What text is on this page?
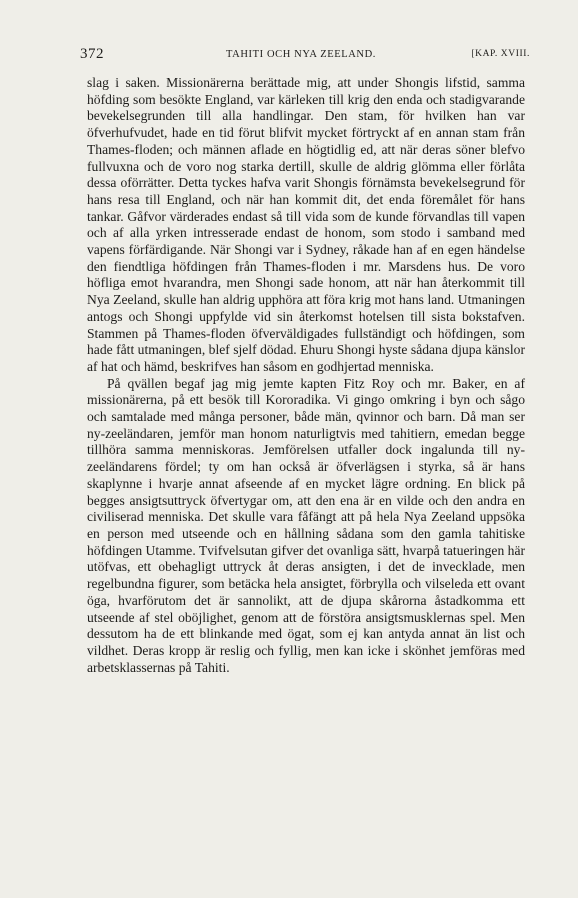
372	TAHITI OCH NYA ZEELAND.	[KAP. XVIII.

slag i saken. Missionärerna berättade mig, att under Shongis lifstid, samma höfding som besökte England, var kärleken till krig den enda och stadigvarande bevekelsegrunden till alla handlingar. Den stam, för hvilken han var öfverhufvudet, hade en tid förut blifvit mycket förtryckt af en annan stam från Thames-floden; och männen aflade en högtidlig ed, att när deras söner blefvo fullvuxna och de voro nog starka dertill, skulle de aldrig glömma eller förlåta dessa oförrätter. Detta tyckes hafva varit Shongis förnämsta bevekelsegrund för hans resa till England, och när han kommit dit, det enda föremålet för hans tankar. Gåfvor värderades endast så till vida som de kunde förvandlas till vapen och af alla yrken intresserade endast de honom, som stodo i samband med vapens förfärdigande. När Shongi var i Sydney, råkade han af en egen händelse den fiendtliga höfdingen från Thames-floden i mr. Marsdens hus. De voro höfliga emot hvarandra, men Shongi sade honom, att när han återkommit till Nya Zeeland, skulle han aldrig upphöra att föra krig mot hans land. Utmaningen antogs och Shongi uppfylde vid sin återkomst hotelsen till sista bokstafven. Stammen på Thames-floden öfverväldigades fullständigt och höfdingen, som hade fått utmaningen, blef sjelf dödad. Ehuru Shongi hyste sådana djupa känslor af hat och hämd, beskrifves han såsom en godhjertad menniska.

På qvällen begaf jag mig jemte kapten Fitz Roy och mr. Baker, en af missionärerna, på ett besök till Kororadika. Vi gingo omkring i byn och sågo och samtalade med många personer, både män, qvinnor och barn. Då man ser ny-zeeländaren, jemför man honom naturligtvis med tahitiern, emedan begge tillhöra samma menniskoras. Jemförelsen utfaller dock ingalunda till ny-zeeländarens fördel; ty om han också är öfverlägsen i styrka, så är hans skaplynne i hvarje annat afseende af en mycket lägre ordning. En blick på begges ansigtsuttryck öfvertygar om, att den ena är en vilde och den andra en civiliserad menniska. Det skulle vara fåfängt att på hela Nya Zeeland uppsöka en person med utseende och en hållning sådana som den gamla tahitiske höfdingen Utamme. Tvifvelsutan gifver det ovanliga sätt, hvarpå tatueringen här utöfvas, ett obehagligt uttryck åt deras ansigten, i det de invecklade, men regelbundna figurer, som betäcka hela ansigtet, förbrylla och vilseleda ett ovant öga, hvarförutom det är sannolikt, att de djupa skårorna åstadkomma ett utseende af stel oböjlighet, genom att de förstöra ansigtsmusklernas spel. Men dessutom ha de ett blinkande med ögat, som ej kan antyda annat än list och vildhet. Deras kropp är reslig och fyllig, men kan icke i skönhet jemföras med arbetsklassernas på Tahiti.
